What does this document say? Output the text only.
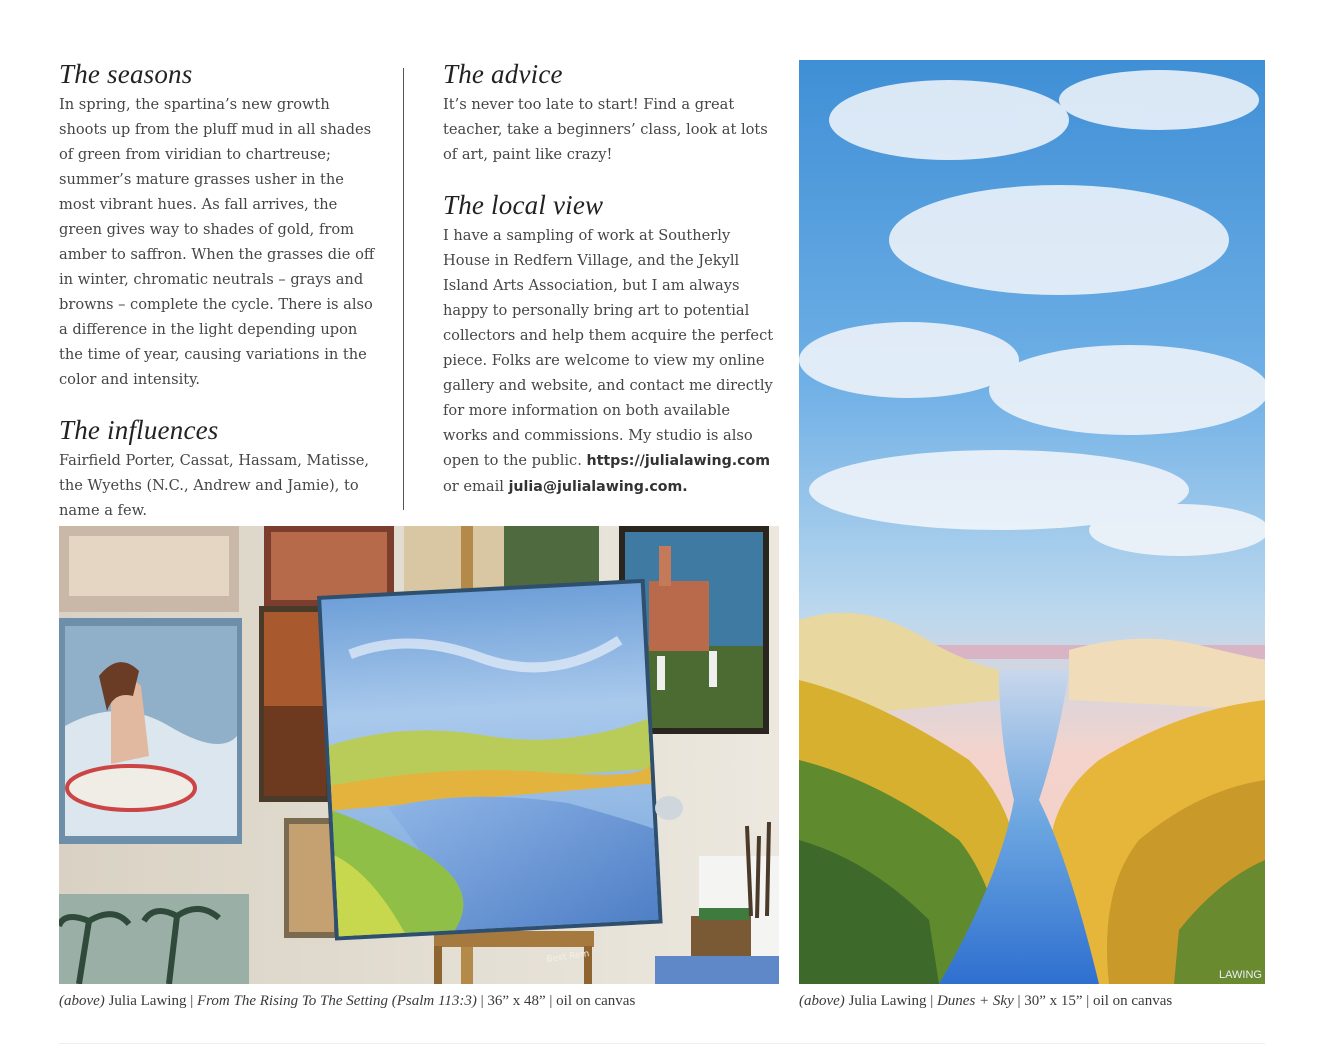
The seasons

In spring, the spartina’s new growth shoots up from the pluff mud in all shades of green from viridian to chartreuse; summer’s mature grasses usher in the most vibrant hues. As fall arrives, the green gives way to shades of gold, from amber to saffron. When the grasses die off in winter, chromatic neutrals – grays and browns – complete the cycle. There is also a difference in the light depending upon the time of year, causing variations in the color and intensity.

The influences

Fairfield Porter, Cassat, Hassam, Matisse, the Wyeths (N.C., Andrew and Jamie), to name a few.

The advice

It’s never too late to start! Find a great teacher, take a beginners’ class, look at lots of art, paint like crazy!

The local view

I have a sampling of work at Southerly House in Redfern Village, and the Jekyll Island Arts Association, but I am always happy to personally bring art to potential collectors and help them acquire the perfect piece. Folks are welcome to view my online gallery and website, and contact me directly for more information on both available works and commissions. My studio is also open to the public. https://julialawing.com or email julia@julialawing.com.

Best Rem
LAWING
(above) Julia Lawing | From The Rising To The Setting (Psalm 113:3) | 36” x 48” | oil on canvas	(above) Julia Lawing | Dunes + Sky | 30” x 15” | oil on canvas
